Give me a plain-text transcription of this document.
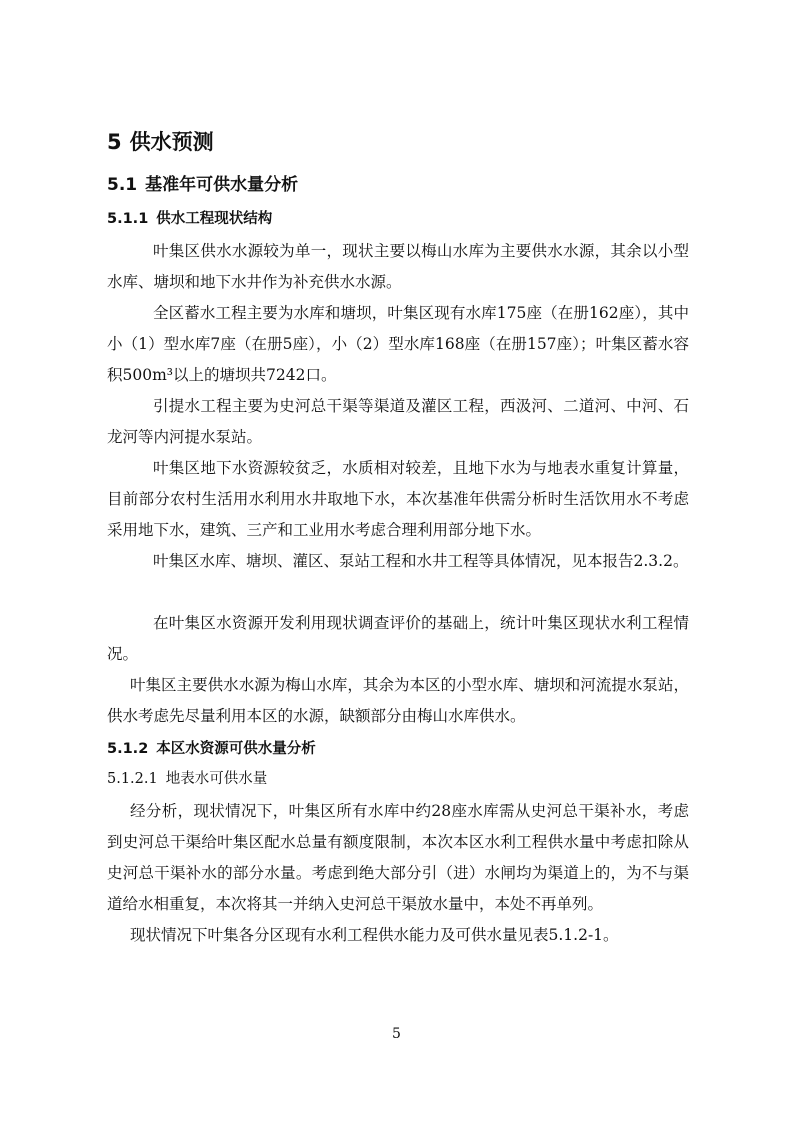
5 供水预测
5.1 基准年可供水量分析
5.1.1 供水工程现状结构
叶集区供水水源较为单一，现状主要以梅山水库为主要供水水源，其余以小型水库、塘坝和地下水井作为补充供水水源。
全区蓄水工程主要为水库和塘坝，叶集区现有水库175座（在册162座），其中小（1）型水库7座（在册5座），小（2）型水库168座（在册157座）；叶集区蓄水容积500m³以上的塘坝共7242口。
引提水工程主要为史河总干渠等渠道及灌区工程，西汲河、二道河、中河、石龙河等内河提水泵站。
叶集区地下水资源较贫乏，水质相对较差，且地下水为与地表水重复计算量，目前部分农村生活用水利用水井取地下水，本次基准年供需分析时生活饮用水不考虑采用地下水，建筑、三产和工业用水考虑合理利用部分地下水。
叶集区水库、塘坝、灌区、泵站工程和水井工程等具体情况，见本报告2.3.2。
在叶集区水资源开发利用现状调查评价的基础上，统计叶集区现状水利工程情况。
叶集区主要供水水源为梅山水库，其余为本区的小型水库、塘坝和河流提水泵站，供水考虑先尽量利用本区的水源，缺额部分由梅山水库供水。
5.1.2 本区水资源可供水量分析
5.1.2.1 地表水可供水量
经分析，现状情况下，叶集区所有水库中约28座水库需从史河总干渠补水，考虑到史河总干渠给叶集区配水总量有额度限制，本次本区水利工程供水量中考虑扣除从史河总干渠补水的部分水量。考虑到绝大部分引（进）水闸均为渠道上的，为不与渠道给水相重复，本次将其一并纳入史河总干渠放水量中，本处不再单列。
现状情况下叶集各分区现有水利工程供水能力及可供水量见表5.1.2-1。
5
